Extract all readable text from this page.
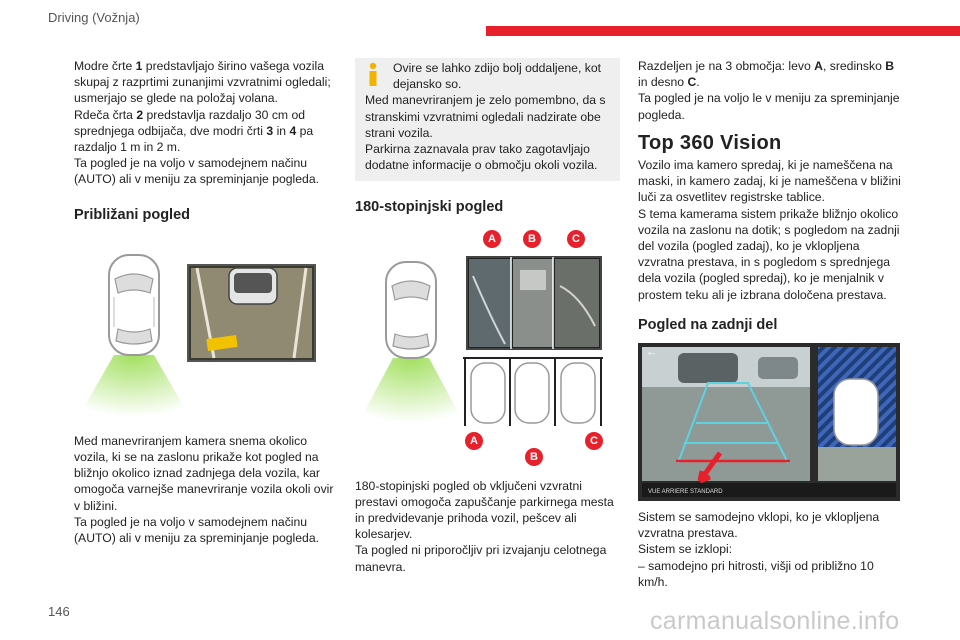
Driving (Vožnja)

Modre črte 1 predstavljajo širino vašega vozila skupaj z razprtimi zunanjimi vzvratnimi ogledali; usmerjajo se glede na položaj volana.

Rdeča črta 2 predstavlja razdaljo 30 cm od sprednjega odbijača, dve modri črti 3 in 4 pa razdaljo 1 m in 2 m.

Ta pogled je na voljo v samodejnem načinu (AUTO) ali v meniju za spreminjanje pogleda.

Približani pogled

Med manevriranjem kamera snema okolico vozila, ki se na zaslonu prikaže kot pogled na bližnjo okolico iznad zadnjega dela vozila, kar omogoča varnejše manevriranje vozila okoli ovir v bližini.

Ta pogled je na voljo v samodejnem načinu (AUTO) ali v meniju za spreminjanje pogleda.

Ovire se lahko zdijo bolj oddaljene, kot dejansko so.

Med manevriranjem je zelo pomembno, da s stranskimi vzvratnimi ogledali nadzirate obe strani vozila.

Parkirna zaznavala prav tako zagotavljajo dodatne informacije o območju okoli vozila.

180-stopinjski pogled
A	B	C
A
B
C

180-stopinjski pogled ob vključeni vzvratni prestavi omogoča zapuščanje parkirnega mesta in predvidevanje prihoda vozil, pešcev ali kolesarjev.

Ta pogled ni priporočljiv pri izvajanju celotnega manevra.

Razdeljen je na 3 območja: levo A, sredinsko B in desno C.

Ta pogled je na voljo le v meniju za spreminjanje pogleda.

Top 360 Vision

Vozilo ima kamero spredaj, ki je nameščena na maski, in kamero zadaj, ki je nameščena v bližini luči za osvetlitev registrske tablice.

S tema kamerama sistem prikaže bližnjo okolico vozila na zaslonu na dotik; s pogledom na zadnji del vozila (pogled zadaj), ko je vklopljena vzvratna prestava, in s pogledom s sprednjega dela vozila (pogled spredaj), ko je menjalnik v prostem teku ali je izbrana določena prestava.

Pogled na zadnji del
←
VUE ARRIERE STANDARD

Sistem se samodejno vklopi, ko je vklopljena vzvratna prestava.

Sistem se izklopi:

– samodejno pri hitrosti, višji od približno 10 km/h.

146	carmanualsonline.info
